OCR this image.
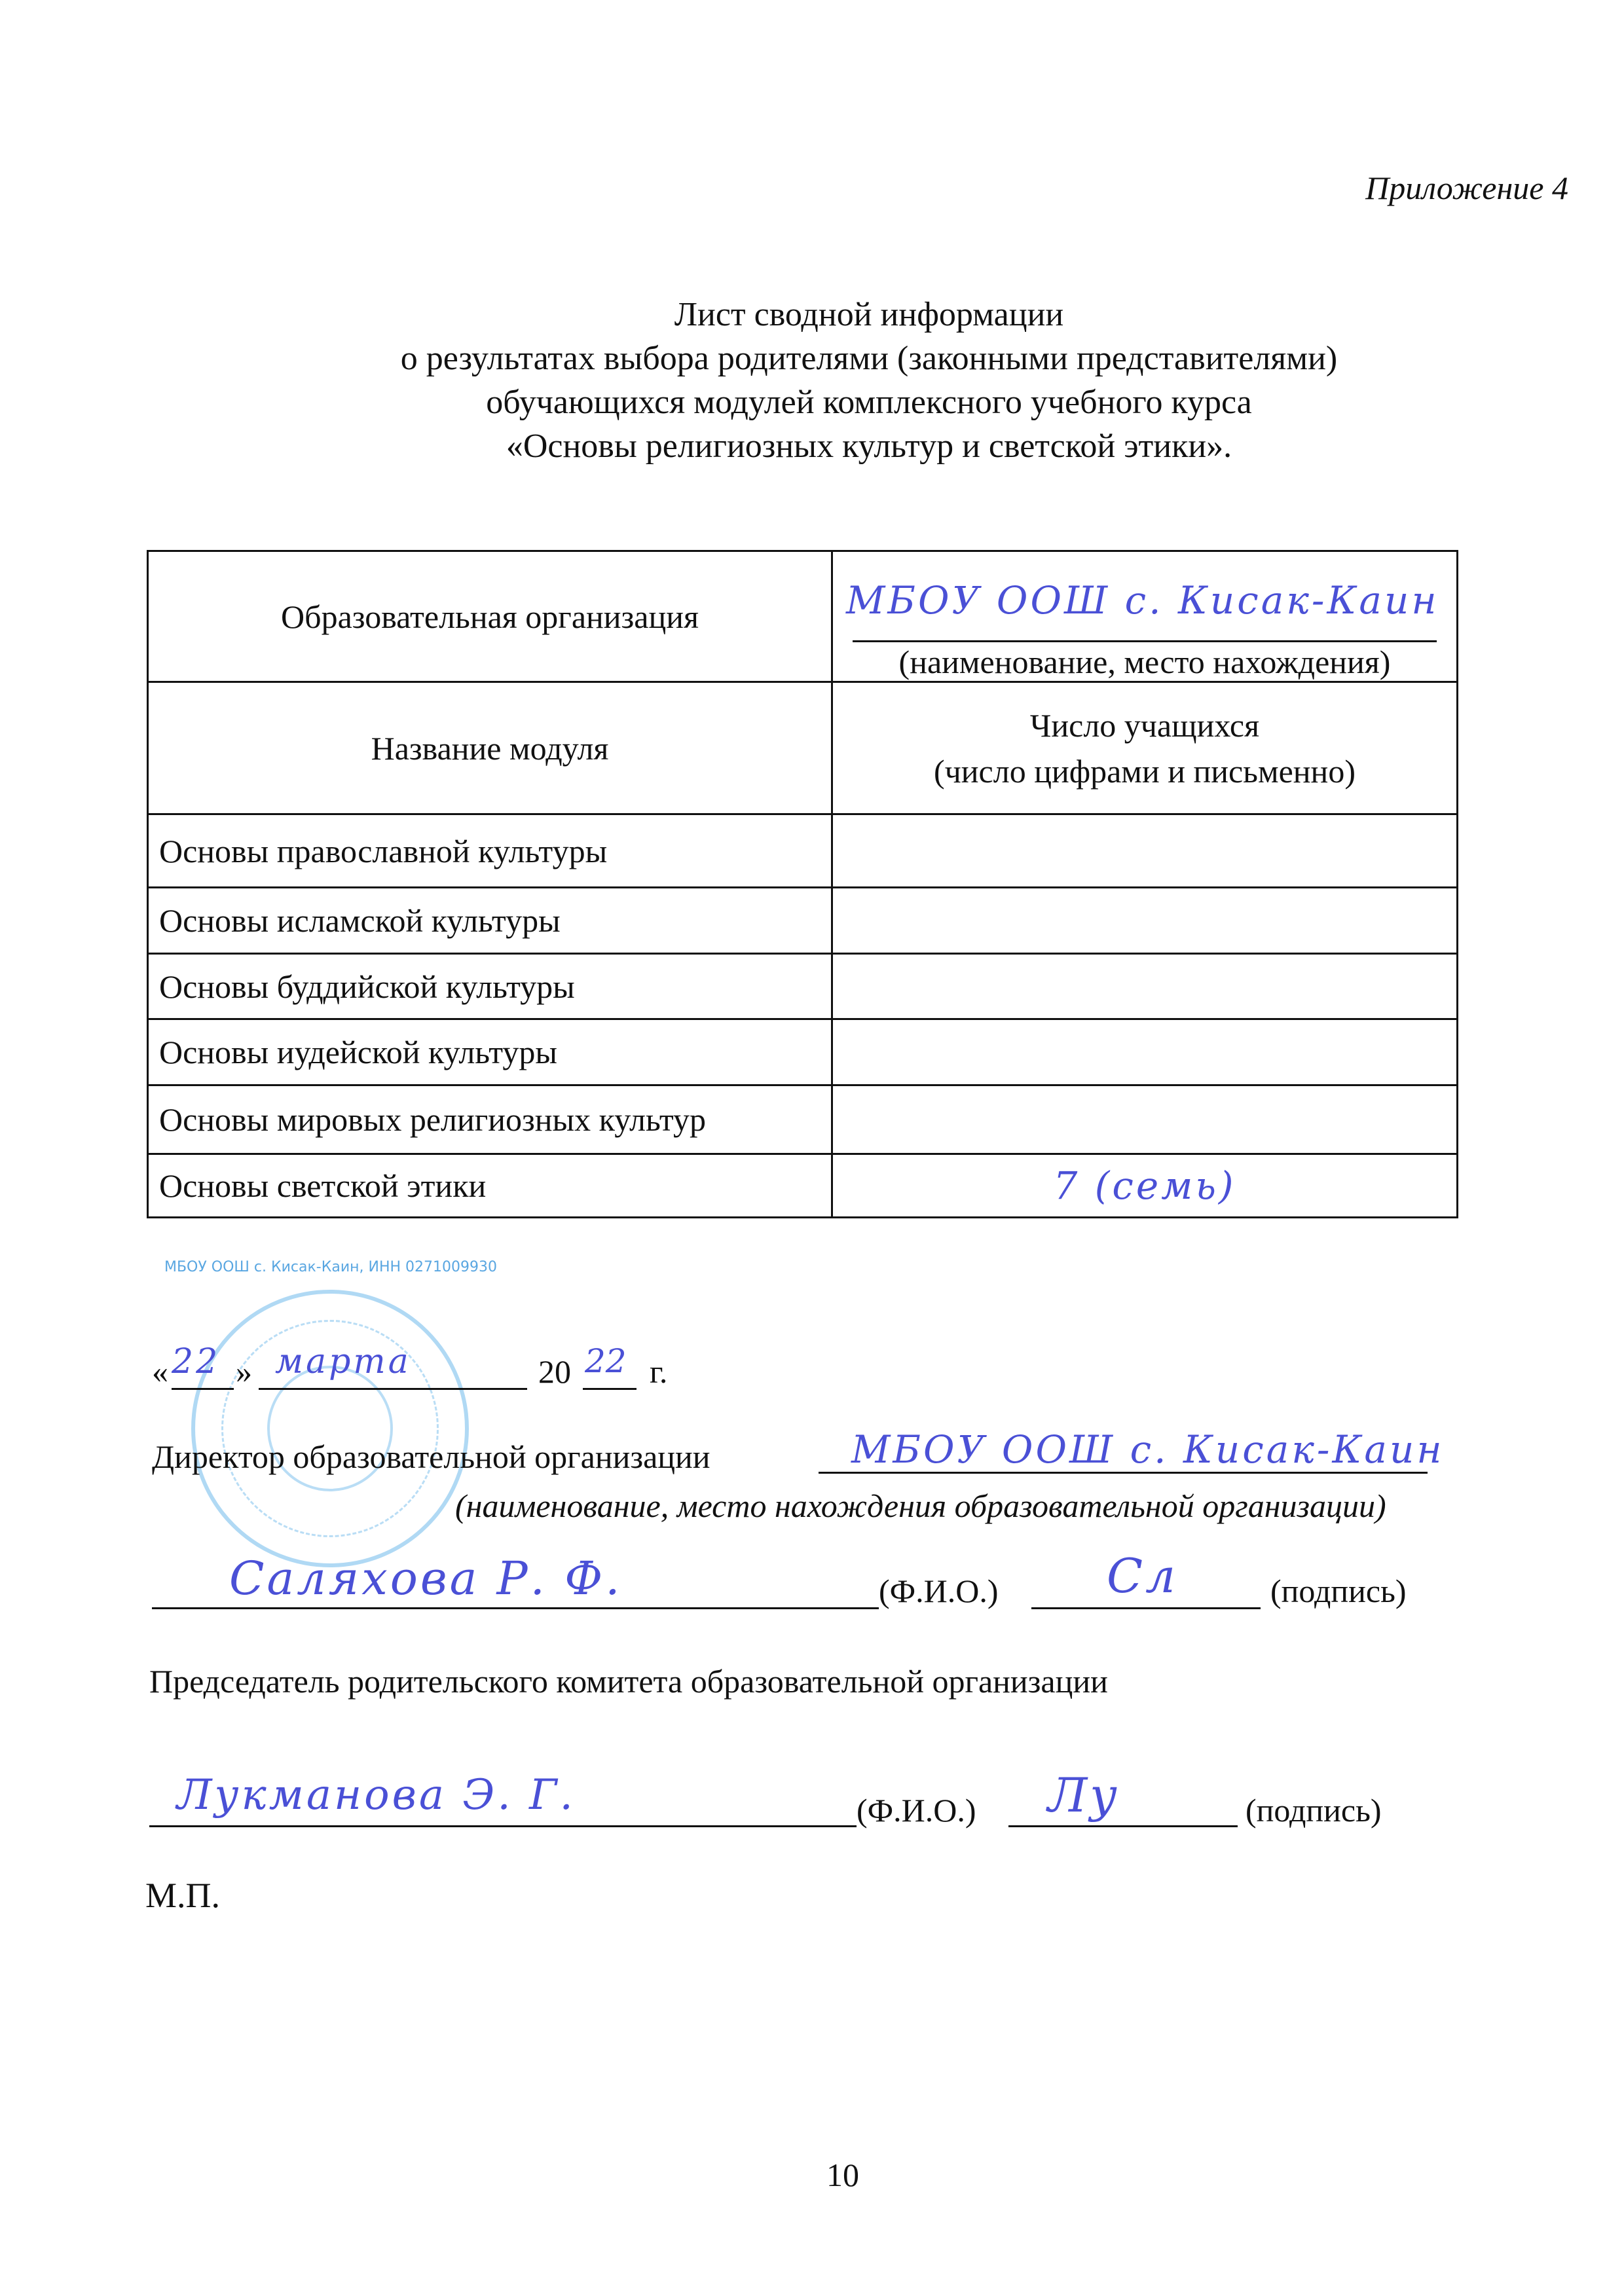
Приложение 4
Лист сводной информации
о результатах выбора родителями (законными представителями)
обучающихся модулей комплексного учебного курса
«Основы религиозных культур и светской этики».
Образовательная организация	МБОУ ООШ с. Кисак-Каин
(наименование, место нахождения)

Название модуля	Число учащихся
(число цифрами и письменно)

Основы православной культуры	
Основы исламской культуры	
Основы буддийской культуры	
Основы иудейской культуры	
Основы мировых религиозных культур	
Основы светской этики	7 (семь)
МБОУ ООШ с. Кисак-Каин, ИНН 0271009930
« 22 » марта	20 22 г.
Директор образовательной организации	МБОУ ООШ с. Кисак-Каин
(наименование, место нахождения образовательной организации)
Саляхова Р. Ф.	(Ф.И.О.) Сл	(подпись)
Председатель родительского комитета образовательной организации
Лукманова Э. Г.	(Ф.И.О.) Лу	(подпись)
М.П.
10
